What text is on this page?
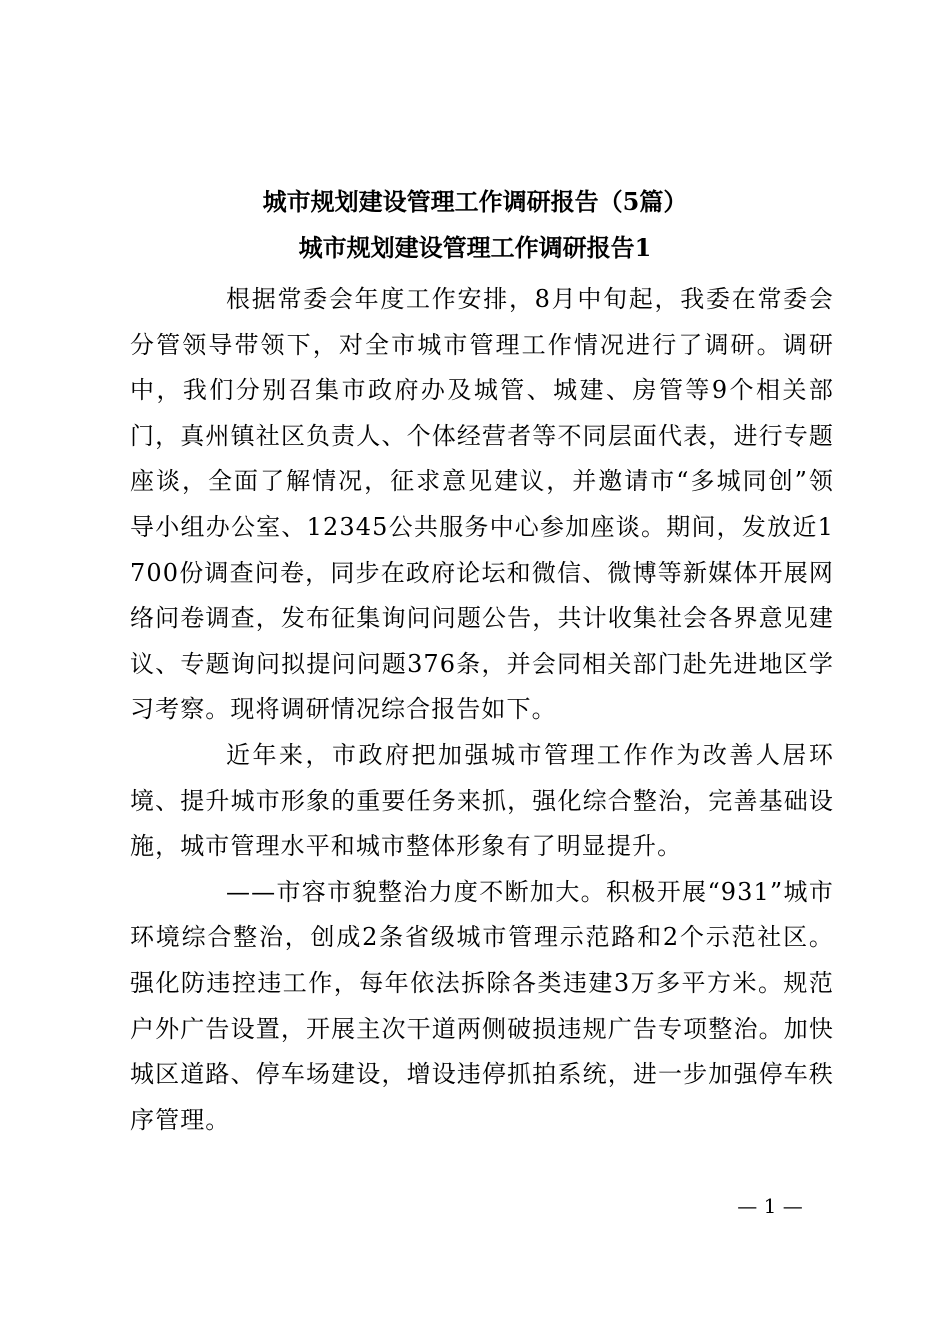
城市规划建设管理工作调研报告（5篇）
城市规划建设管理工作调研报告1

根据常委会年度工作安排，8月中旬起，我委在常委会分管领导带领下，对全市城市管理工作情况进行了调研。调研中，我们分别召集市政府办及城管、城建、房管等9个相关部门，真州镇社区负责人、个体经营者等不同层面代表，进行专题座谈，全面了解情况，征求意见建议，并邀请市“多城同创”领导小组办公室、12345公共服务中心参加座谈。期间，发放近1700份调查问卷，同步在政府论坛和微信、微博等新媒体开展网络问卷调查，发布征集询问问题公告，共计收集社会各界意见建议、专题询问拟提问问题376条，并会同相关部门赴先进地区学习考察。现将调研情况综合报告如下。

近年来，市政府把加强城市管理工作作为改善人居环境、提升城市形象的重要任务来抓，强化综合整治，完善基础设施，城市管理水平和城市整体形象有了明显提升。

——市容市貌整治力度不断加大。积极开展“931”城市环境综合整治，创成2条省级城市管理示范路和2个示范社区。强化防违控违工作，每年依法拆除各类违建3万多平方米。规范户外广告设置，开展主次干道两侧破损违规广告专项整治。加快城区道路、停车场建设，增设违停抓拍系统，进一步加强停车秩序管理。

— 1 —
